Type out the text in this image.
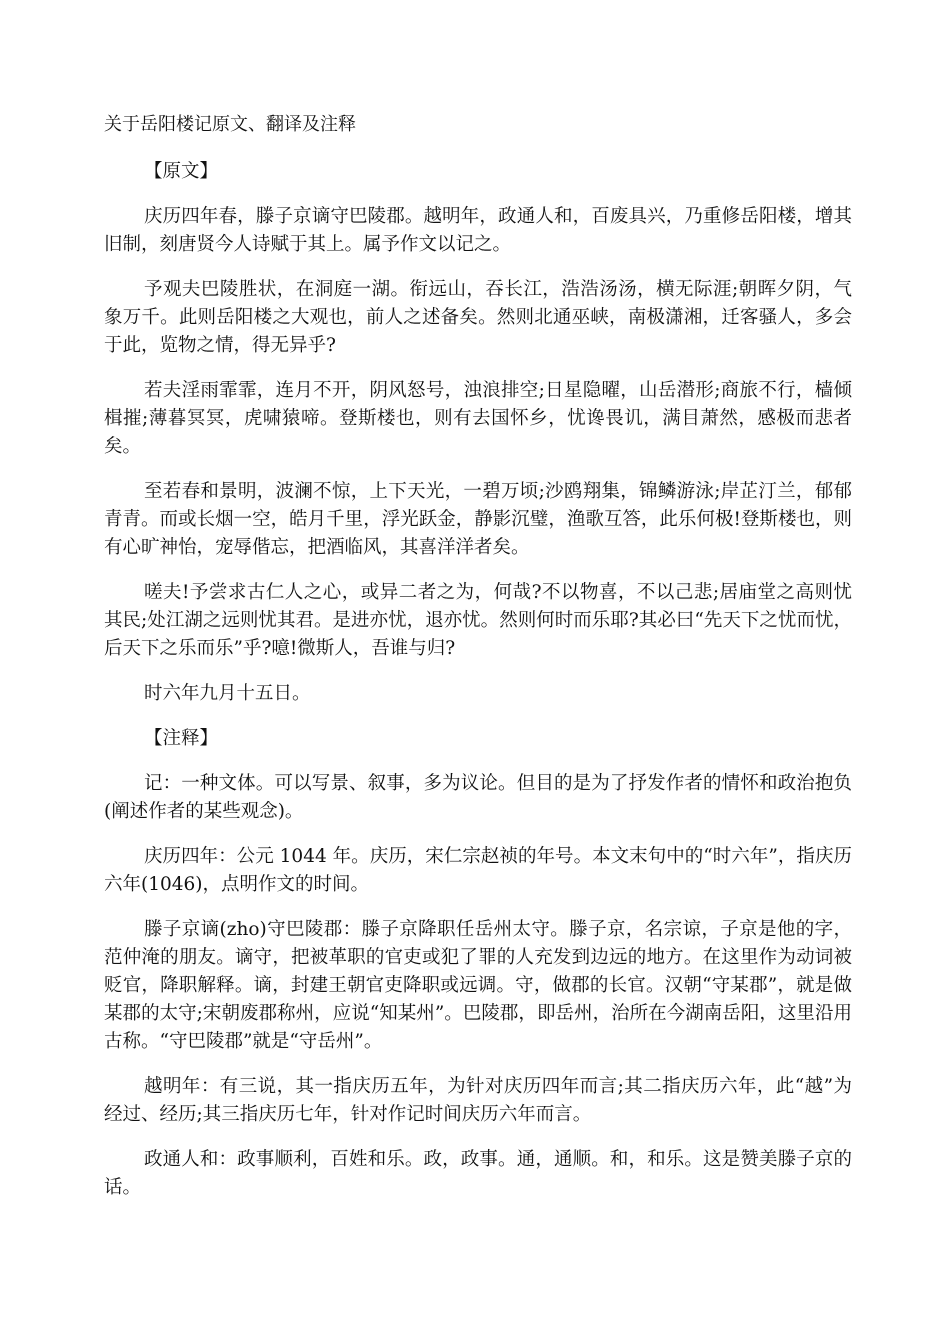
关于岳阳楼记原文、翻译及注释
【原文】

庆历四年春，滕子京谪守巴陵郡。越明年，政通人和，百废具兴，乃重修岳阳楼，增其旧制，刻唐贤今人诗赋于其上。属予作文以记之。

予观夫巴陵胜状，在洞庭一湖。衔远山，吞长江，浩浩汤汤，横无际涯;朝晖夕阴，气象万千。此则岳阳楼之大观也，前人之述备矣。然则北通巫峡，南极潇湘，迁客骚人，多会于此，览物之情，得无异乎?

若夫淫雨霏霏，连月不开，阴风怒号，浊浪排空;日星隐曜，山岳潜形;商旅不行，樯倾楫摧;薄暮冥冥，虎啸猿啼。登斯楼也，则有去国怀乡，忧谗畏讥，满目萧然，感极而悲者矣。

至若春和景明，波澜不惊，上下天光，一碧万顷;沙鸥翔集，锦鳞游泳;岸芷汀兰，郁郁青青。而或长烟一空，皓月千里，浮光跃金，静影沉璧，渔歌互答，此乐何极!登斯楼也，则有心旷神怡，宠辱偕忘，把酒临风，其喜洋洋者矣。

嗟夫!予尝求古仁人之心，或异二者之为，何哉?不以物喜，不以己悲;居庙堂之高则忧其民;处江湖之远则忧其君。是进亦忧，退亦忧。然则何时而乐耶?其必曰“先天下之忧而忧，后天下之乐而乐”乎?噫!微斯人，吾谁与归?

时六年九月十五日。

【注释】

记：一种文体。可以写景、叙事，多为议论。但目的是为了抒发作者的情怀和政治抱负(阐述作者的某些观念)。

庆历四年：公元 1044 年。庆历，宋仁宗赵祯的年号。本文末句中的“时六年”，指庆历六年(1046)，点明作文的时间。

滕子京谪(zho)守巴陵郡：滕子京降职任岳州太守。滕子京，名宗谅，子京是他的字，范仲淹的朋友。谪守，把被革职的官吏或犯了罪的人充发到边远的地方。在这里作为动词被贬官，降职解释。谪，封建王朝官吏降职或远调。守，做郡的长官。汉朝“守某郡”，就是做某郡的太守;宋朝废郡称州，应说“知某州”。巴陵郡，即岳州，治所在今湖南岳阳，这里沿用古称。“守巴陵郡”就是“守岳州”。

越明年：有三说，其一指庆历五年，为针对庆历四年而言;其二指庆历六年，此“越”为经过、经历;其三指庆历七年，针对作记时间庆历六年而言。

政通人和：政事顺利，百姓和乐。政，政事。通，通顺。和，和乐。这是赞美滕子京的话。
